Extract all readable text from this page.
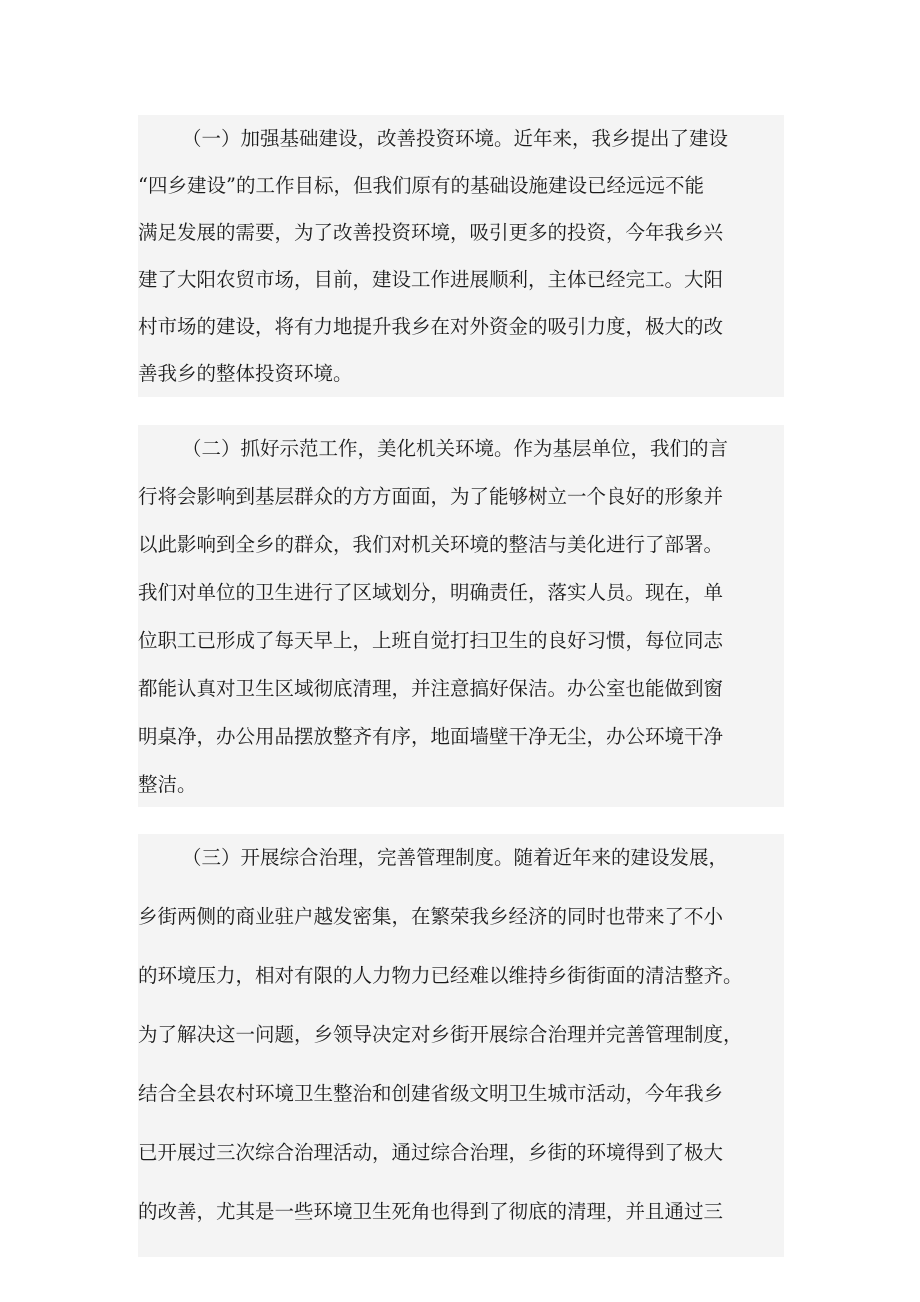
（一）加强基础建设，改善投资环境。近年来，我乡提出了建设
“四乡建设”的工作目标，但我们原有的基础设施建设已经远远不能
满足发展的需要，为了改善投资环境，吸引更多的投资，今年我乡兴
建了大阳农贸市场，目前，建设工作进展顺利，主体已经完工。大阳
村市场的建设，将有力地提升我乡在对外资金的吸引力度，极大的改
善我乡的整体投资环境。
（二）抓好示范工作，美化机关环境。作为基层单位，我们的言
行将会影响到基层群众的方方面面，为了能够树立一个良好的形象并
以此影响到全乡的群众，我们对机关环境的整洁与美化进行了部署。
我们对单位的卫生进行了区域划分，明确责任，落实人员。现在，单
位职工已形成了每天早上，上班自觉打扫卫生的良好习惯，每位同志
都能认真对卫生区域彻底清理，并注意搞好保洁。办公室也能做到窗
明桌净，办公用品摆放整齐有序，地面墙壁干净无尘，办公环境干净
整洁。
（三）开展综合治理，完善管理制度。随着近年来的建设发展，
乡街两侧的商业驻户越发密集，在繁荣我乡经济的同时也带来了不小
的环境压力，相对有限的人力物力已经难以维持乡街街面的清洁整齐。
为了解决这一问题，乡领导决定对乡街开展综合治理并完善管理制度，
结合全县农村环境卫生整治和创建省级文明卫生城市活动，今年我乡
已开展过三次综合治理活动，通过综合治理，乡街的环境得到了极大
的改善，尤其是一些环境卫生死角也得到了彻底的清理，并且通过三
